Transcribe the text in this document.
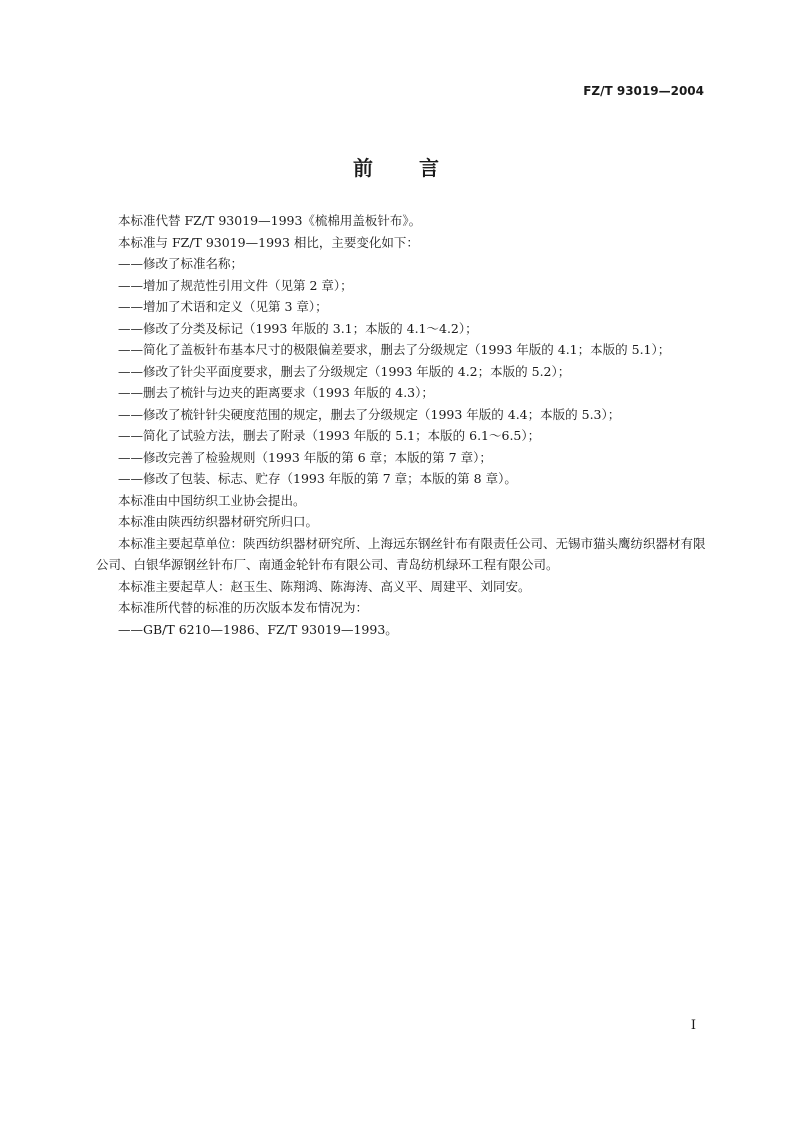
FZ/T 93019—2004
前 言

本标准代替 FZ/T 93019—1993《梳棉用盖板针布》。

本标准与 FZ/T 93019—1993 相比，主要变化如下：

——修改了标准名称；

——增加了规范性引用文件（见第 2 章）；

——增加了术语和定义（见第 3 章）；

——修改了分类及标记（1993 年版的 3.1；本版的 4.1～4.2）；

——简化了盖板针布基本尺寸的极限偏差要求，删去了分级规定（1993 年版的 4.1；本版的 5.1）；

——修改了针尖平面度要求，删去了分级规定（1993 年版的 4.2；本版的 5.2）；

——删去了梳针与边夹的距离要求（1993 年版的 4.3）；

——修改了梳针针尖硬度范围的规定，删去了分级规定（1993 年版的 4.4；本版的 5.3）；

——简化了试验方法，删去了附录（1993 年版的 5.1；本版的 6.1～6.5）；

——修改完善了检验规则（1993 年版的第 6 章；本版的第 7 章）；

——修改了包装、标志、贮存（1993 年版的第 7 章；本版的第 8 章）。

本标准由中国纺织工业协会提出。

本标准由陕西纺织器材研究所归口。

本标准主要起草单位：陕西纺织器材研究所、上海远东钢丝针布有限责任公司、无锡市猫头鹰纺织器材有限公司、白银华源钢丝针布厂、南通金轮针布有限公司、青岛纺机绿环工程有限公司。

本标准主要起草人：赵玉生、陈翔鸿、陈海涛、高义平、周建平、刘同安。

本标准所代替的标准的历次版本发布情况为：

——GB/T 6210—1986、FZ/T 93019—1993。

I
